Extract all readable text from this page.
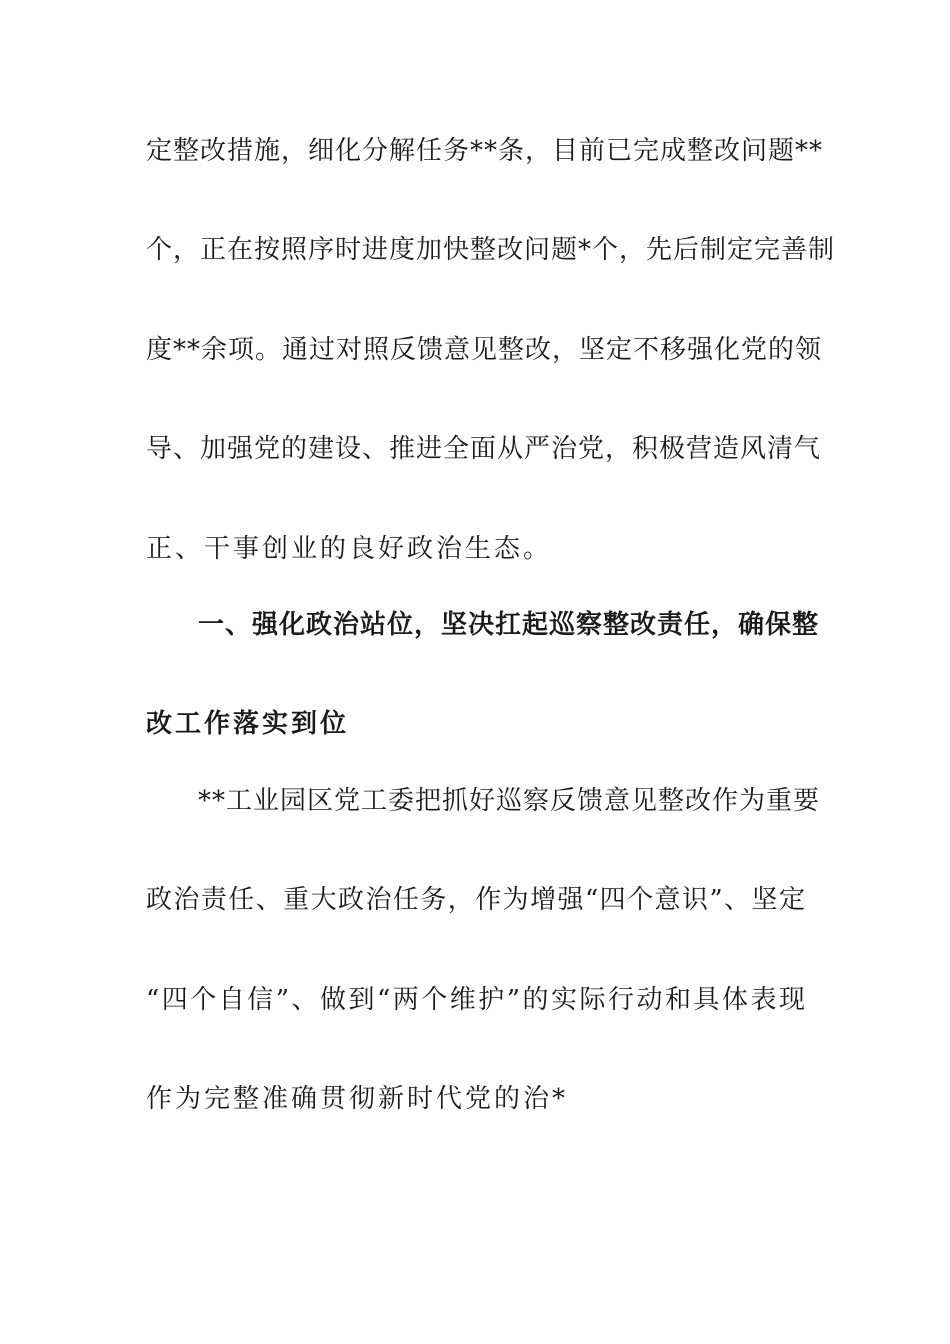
定整改措施，细化分解任务**条，目前已完成整改问题**
个，正在按照序时进度加快整改问题*个，先后制定完善制
度**余项。通过对照反馈意见整改，坚定不移强化党的领
导、加强党的建设、推进全面从严治党，积极营造风清气
正、干事创业的良好政治生态。
一、强化政治站位，坚决扛起巡察整改责任，确保整
改工作落实到位
**工业园区党工委把抓好巡察反馈意见整改作为重要
政治责任、重大政治任务，作为增强“四个意识”、坚定
“四个自信”、做到“两个维护”的实际行动和具体表现
作为完整准确贯彻新时代党的治*
